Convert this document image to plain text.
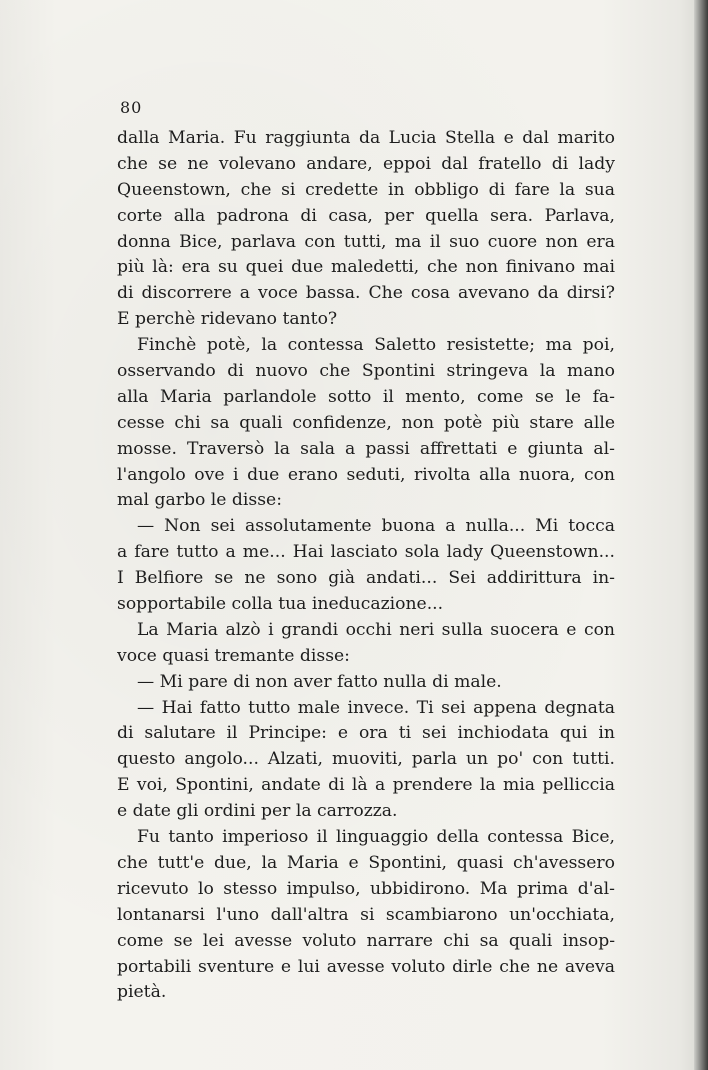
80
dalla Maria. Fu raggiunta da Lucia Stella e dal marito
che se ne volevano andare, eppoi dal fratello di lady
Queenstown, che si credette in obbligo di fare la sua
corte alla padrona di casa, per quella sera. Parlava,
donna Bice, parlava con tutti, ma il suo cuore non era
più là: era su quei due maledetti, che non finivano mai
di discorrere a voce bassa. Che cosa avevano da dirsi?
E perchè ridevano tanto?
Finchè potè, la contessa Saletto resistette; ma poi,
osservando di nuovo che Spontini stringeva la mano
alla Maria parlandole sotto il mento, come se le fa-
cesse chi sa quali confidenze, non potè più stare alle
mosse. Traversò la sala a passi affrettati e giunta al-
l'angolo ove i due erano seduti, rivolta alla nuora, con
mal garbo le disse:
— Non sei assolutamente buona a nulla... Mi tocca
a fare tutto a me... Hai lasciato sola lady Queenstown...
I Belfiore se ne sono già andati... Sei addirittura in-
sopportabile colla tua ineducazione...
La Maria alzò i grandi occhi neri sulla suocera e con
voce quasi tremante disse:
— Mi pare di non aver fatto nulla di male.
— Hai fatto tutto male invece. Ti sei appena degnata
di salutare il Principe: e ora ti sei inchiodata qui in
questo angolo... Alzati, muoviti, parla un po' con tutti.
E voi, Spontini, andate di là a prendere la mia pelliccia
e date gli ordini per la carrozza.
Fu tanto imperioso il linguaggio della contessa Bice,
che tutt'e due, la Maria e Spontini, quasi ch'avessero
ricevuto lo stesso impulso, ubbidirono. Ma prima d'al-
lontanarsi l'uno dall'altra si scambiarono un'occhiata,
come se lei avesse voluto narrare chi sa quali insop-
portabili sventure e lui avesse voluto dirle che ne aveva
pietà.
